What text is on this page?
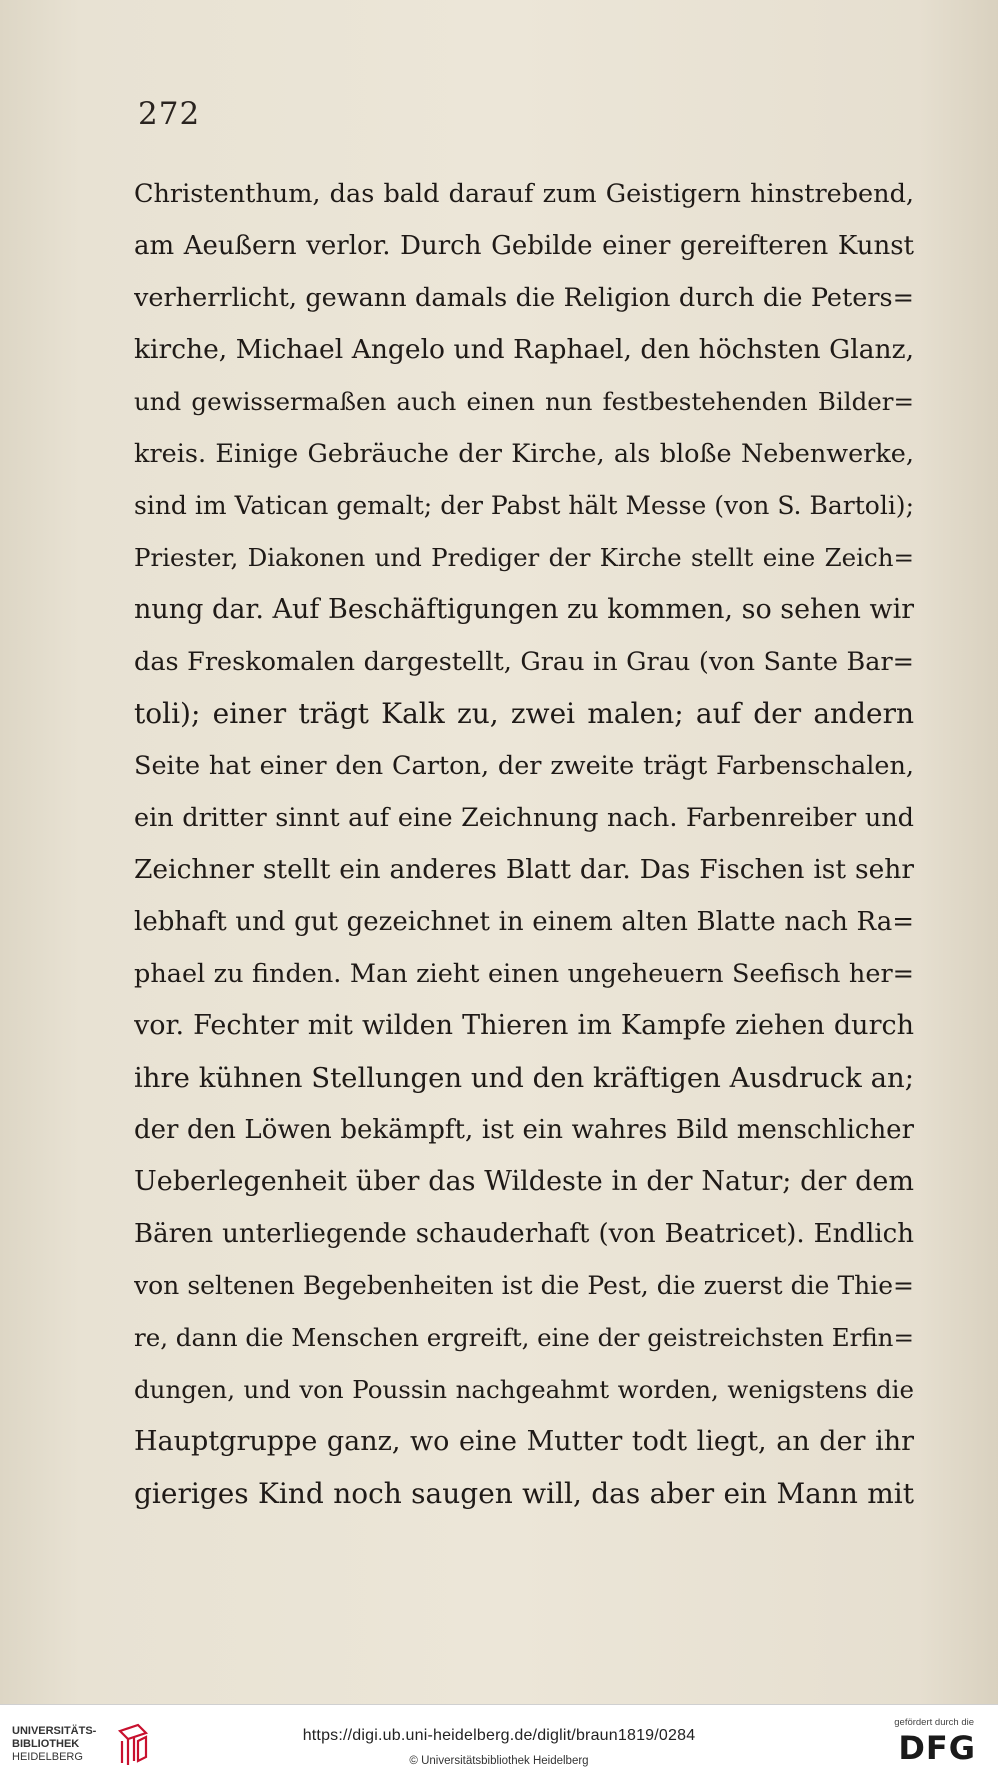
272
Christenthum, das bald darauf zum Geistigern hinstrebend,
am Aeußern verlor. Durch Gebilde einer gereifteren Kunst
verherrlicht, gewann damals die Religion durch die Peters=
kirche, Michael Angelo und Raphael, den höchsten Glanz,
und gewissermaßen auch einen nun festbestehenden Bilder=
kreis. Einige Gebräuche der Kirche, als bloße Nebenwerke,
sind im Vatican gemalt; der Pabst hält Messe (von S. Bartoli);
Priester, Diakonen und Prediger der Kirche stellt eine Zeich=
nung dar. Auf Beschäftigungen zu kommen, so sehen wir
das Freskomalen dargestellt, Grau in Grau (von Sante Bar=
toli); einer trägt Kalk zu, zwei malen; auf der andern
Seite hat einer den Carton, der zweite trägt Farbenschalen,
ein dritter sinnt auf eine Zeichnung nach. Farbenreiber und
Zeichner stellt ein anderes Blatt dar. Das Fischen ist sehr
lebhaft und gut gezeichnet in einem alten Blatte nach Ra=
phael zu finden. Man zieht einen ungeheuern Seefisch her=
vor. Fechter mit wilden Thieren im Kampfe ziehen durch
ihre kühnen Stellungen und den kräftigen Ausdruck an;
der den Löwen bekämpft, ist ein wahres Bild menschlicher
Ueberlegenheit über das Wildeste in der Natur; der dem
Bären unterliegende schauderhaft (von Beatricet). Endlich
von seltenen Begebenheiten ist die Pest, die zuerst die Thie=
re, dann die Menschen ergreift, eine der geistreichsten Erfin=
dungen, und von Poussin nachgeahmt worden, wenigstens die
Hauptgruppe ganz, wo eine Mutter todt liegt, an der ihr
gieriges Kind noch saugen will, das aber ein Mann mit
UNIVERSITÄTS-
BIBLIOTHEK
HEIDELBERG
https://digi.ub.uni-heidelberg.de/diglit/braun1819/0284
© Universitätsbibliothek Heidelberg
gefördert durch die
DFG
